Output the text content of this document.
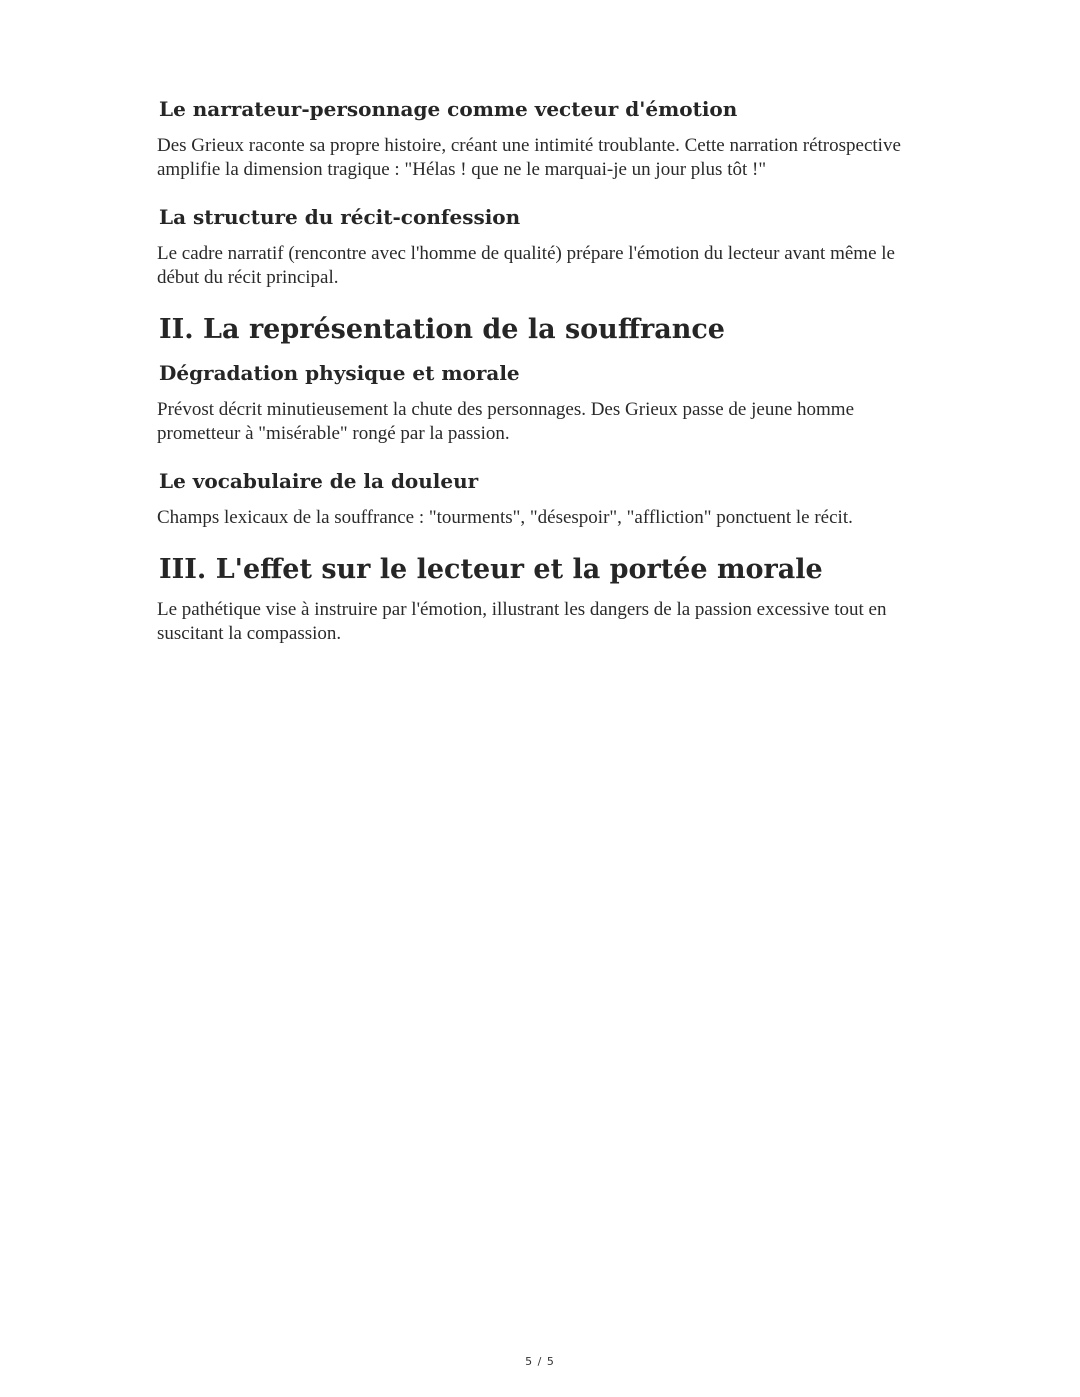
Le narrateur-personnage comme vecteur d'émotion

Des Grieux raconte sa propre histoire, créant une intimité troublante. Cette narration rétrospective amplifie la dimension tragique : "Hélas ! que ne le marquai-je un jour plus tôt !"

La structure du récit-confession

Le cadre narratif (rencontre avec l'homme de qualité) prépare l'émotion du lecteur avant même le début du récit principal.

II. La représentation de la souffrance
Dégradation physique et morale

Prévost décrit minutieusement la chute des personnages. Des Grieux passe de jeune homme prometteur à "misérable" rongé par la passion.

Le vocabulaire de la douleur

Champs lexicaux de la souffrance : "tourments", "désespoir", "affliction" ponctuent le récit.

III. L'effet sur le lecteur et la portée morale

Le pathétique vise à instruire par l'émotion, illustrant les dangers de la passion excessive tout en suscitant la compassion.

5 / 5
